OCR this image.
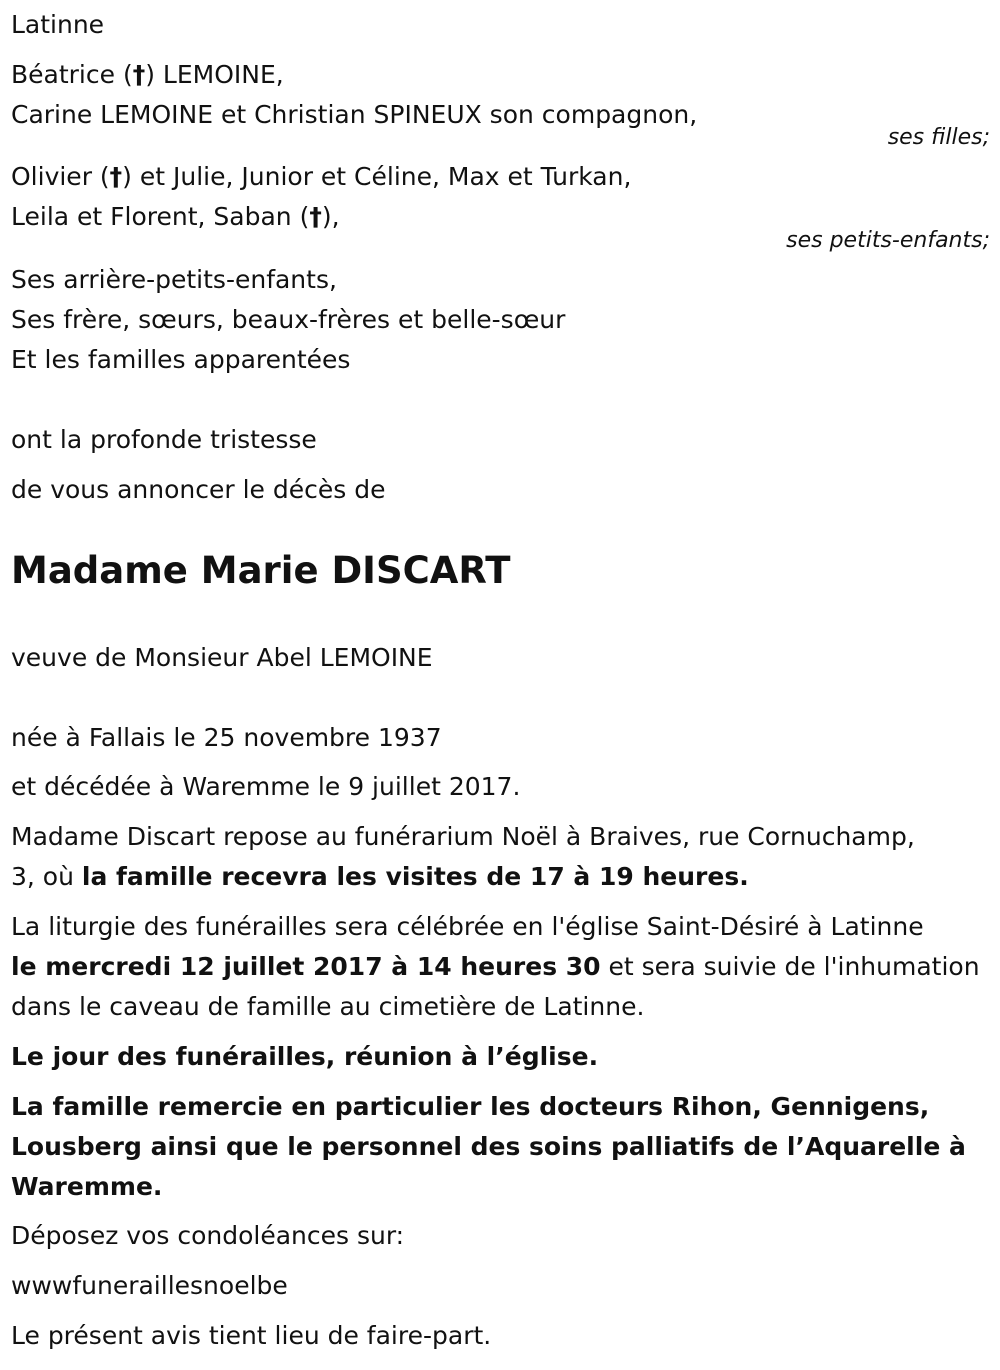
Latinne

Béatrice (†) LEMOINE,

Carine LEMOINE et Christian SPINEUX son compagnon,

ses filles;

Olivier (†) et Julie, Junior et Céline, Max et Turkan,

Leila et Florent, Saban (†),

ses petits-enfants;

Ses arrière-petits-enfants,

Ses frère, sœurs, beaux-frères et belle-sœur

Et les familles apparentées

ont la profonde tristesse

de vous annoncer le décès de

Madame Marie DISCART

veuve de Monsieur Abel LEMOINE

née à Fallais le 25 novembre 1937

et décédée à Waremme le 9 juillet 2017.

Madame Discart repose au funérarium Noël à Braives, rue Cornuchamp,

3, où la famille recevra les visites de 17 à 19 heures.

La liturgie des funérailles sera célébrée en l'église Saint-Désiré à Latinne

le mercredi 12 juillet 2017 à 14 heures 30 et sera suivie de l'inhumation

dans le caveau de famille au cimetière de Latinne.

Le jour des funérailles, réunion à l’église.

La famille remercie en particulier les docteurs Rihon, Gennigens,

Lousberg ainsi que le personnel des soins palliatifs de l’Aquarelle à

Waremme.

Déposez vos condoléances sur:

wwwfuneraillesnoelbe

Le présent avis tient lieu de faire-part.
